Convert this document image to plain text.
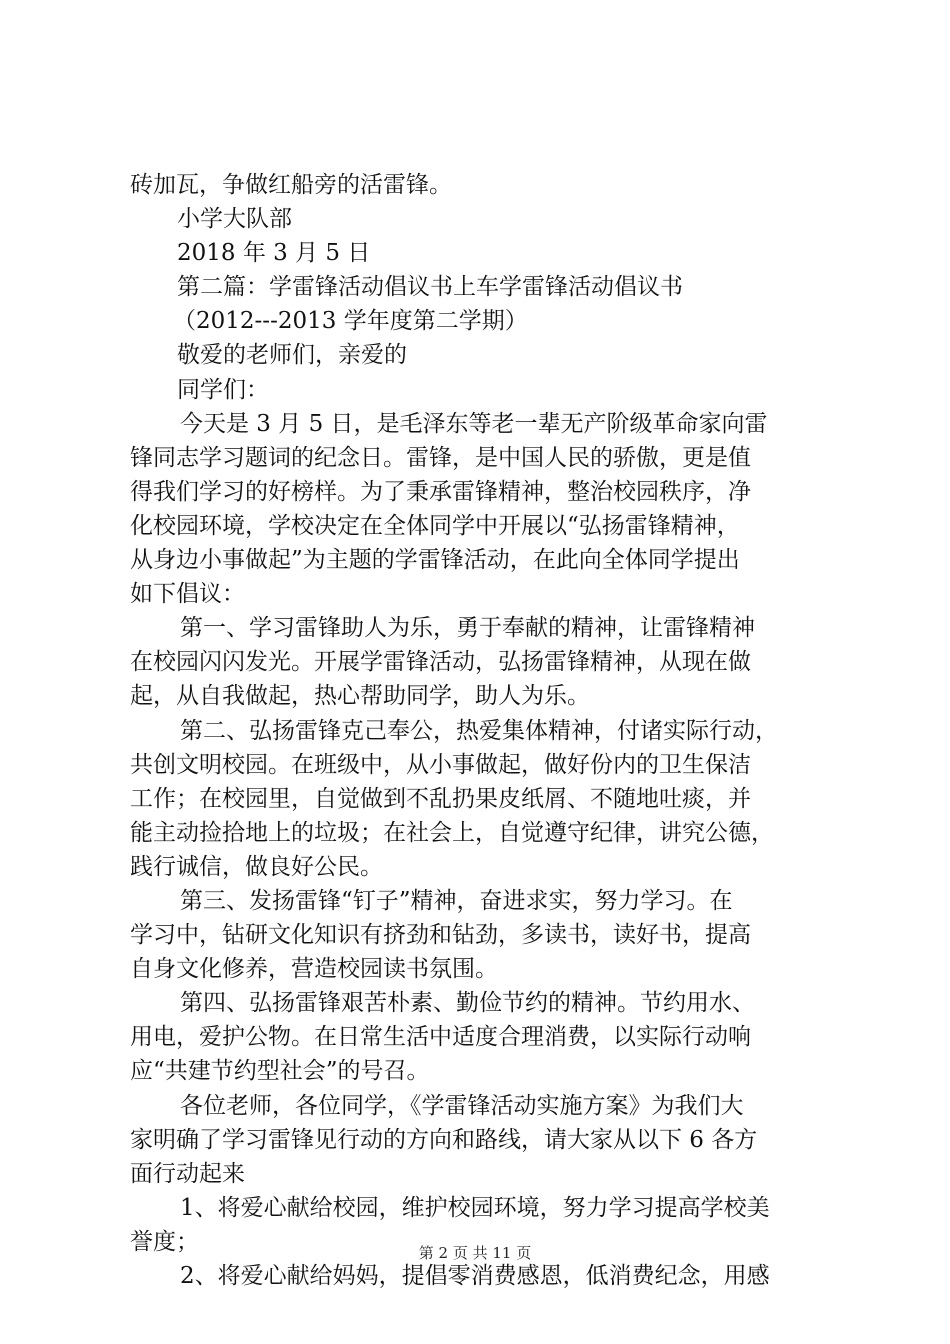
砖加瓦，争做红船旁的活雷锋。
小学大队部
2018 年 3 月 5 日
第二篇：学雷锋活动倡议书上车学雷锋活动倡议书
（2012---2013 学年度第二学期）
敬爱的老师们，亲爱的
同学们：
今天是 3 月 5 日，是毛泽东等老一辈无产阶级革命家向雷
锋同志学习题词的纪念日。雷锋，是中国人民的骄傲，更是值
得我们学习的好榜样。为了秉承雷锋精神，整治校园秩序，净
化校园环境，学校决定在全体同学中开展以“弘扬雷锋精神，
从身边小事做起”为主题的学雷锋活动，在此向全体同学提出
如下倡议：
第一、学习雷锋助人为乐，勇于奉献的精神，让雷锋精神
在校园闪闪发光。开展学雷锋活动，弘扬雷锋精神，从现在做
起，从自我做起，热心帮助同学，助人为乐。
第二、弘扬雷锋克己奉公，热爱集体精神，付诸实际行动，
共创文明校园。在班级中，从小事做起，做好份内的卫生保洁
工作；在校园里，自觉做到不乱扔果皮纸屑、不随地吐痰，并
能主动捡拾地上的垃圾；在社会上，自觉遵守纪律，讲究公德，
践行诚信，做良好公民。
第三、发扬雷锋“钉子”精神，奋进求实，努力学习。在
学习中，钻研文化知识有挤劲和钻劲，多读书，读好书，提高
自身文化修养，营造校园读书氛围。
第四、弘扬雷锋艰苦朴素、勤俭节约的精神。节约用水、
用电，爱护公物。在日常生活中适度合理消费，以实际行动响
应“共建节约型社会”的号召。
各位老师，各位同学，《学雷锋活动实施方案》为我们大
家明确了学习雷锋见行动的方向和路线，请大家从以下 6 各方
面行动起来
1、将爱心献给校园，维护校园环境，努力学习提高学校美
誉度；
2、将爱心献给妈妈，提倡零消费感恩，低消费纪念，用感
第 2 页 共 11 页
